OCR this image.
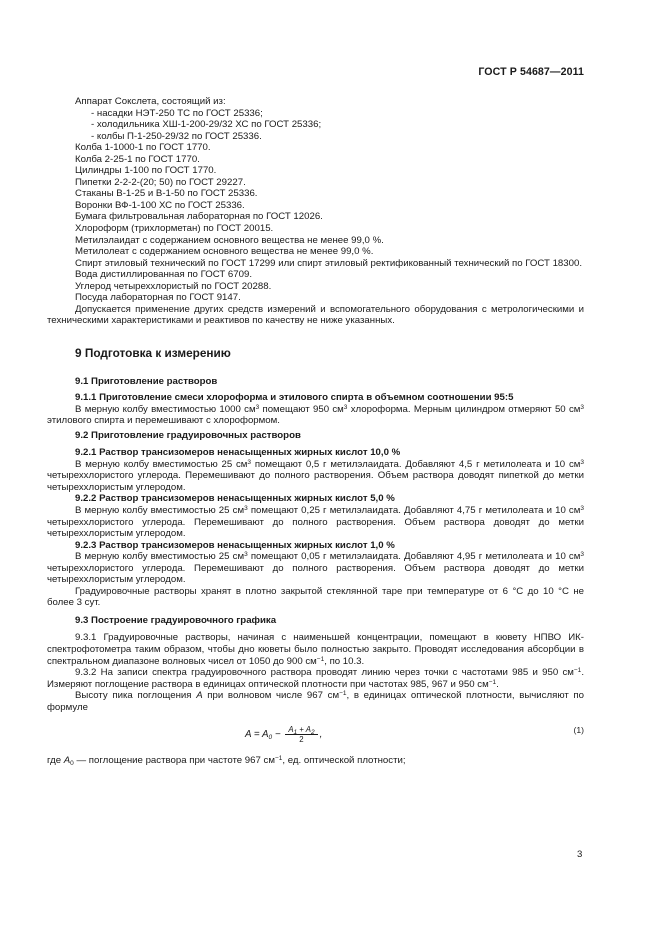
ГОСТ Р 54687—2011

Аппарат Сокслета, состоящий из:

- насадки НЭТ-250 ТС по ГОСТ 25336;

- холодильника ХШ-1-200-29/32 ХС по ГОСТ 25336;

- колбы П-1-250-29/32 по ГОСТ 25336.

Колба 1-1000-1 по ГОСТ 1770.

Колба 2-25-1 по ГОСТ 1770.

Цилиндры 1-100 по ГОСТ 1770.

Пипетки 2-2-2-(20; 50) по ГОСТ 29227.

Стаканы В-1-25 и В-1-50 по ГОСТ 25336.

Воронки ВФ-1-100 ХС по ГОСТ 25336.

Бумага фильтровальная лабораторная по ГОСТ 12026.

Хлороформ (трихлорметан) по ГОСТ 20015.

Метилэлаидат с содержанием основного вещества не менее 99,0 %.

Метилолеат с содержанием основного вещества не менее 99,0 %.

Спирт этиловый технический по ГОСТ 17299 или спирт этиловый ректификованный технический по ГОСТ 18300.

Вода дистиллированная по ГОСТ 6709.

Углерод четыреххлористый по ГОСТ 20288.

Посуда лабораторная по ГОСТ 9147.

Допускается применение других средств измерений и вспомогательного оборудования с метрологическими и техническими характеристиками и реактивов по качеству не ниже указанных.

9 Подготовка к измерению
9.1 Приготовление растворов
9.1.1 Приготовление смеси хлороформа и этилового спирта в объемном соотношении 95:5

В мерную колбу вместимостью 1000 $см^3$ помещают 950 $см^3$ хлороформа. Мерным цилиндром отмеряют 50 $см^3$ этилового спирта и перемешивают с хлороформом.

9.2 Приготовление градуировочных растворов
9.2.1 Раствор трансизомеров ненасыщенных жирных кислот 10,0 %

В мерную колбу вместимостью 25 $см^3$ помещают 0,5 г метилэлаидата. Добавляют 4,5 г метилолеата и 10 $см^3$ четыреххлористого углерода. Перемешивают до полного растворения. Объем раствора доводят пипеткой до метки четыреххлористым углеродом.

9.2.2 Раствор трансизомеров ненасыщенных жирных кислот 5,0 %

В мерную колбу вместимостью 25 $см^3$ помещают 0,25 г метилэлаидата. Добавляют 4,75 г метилолеата и 10 $см^3$ четыреххлористого углерода. Перемешивают до полного растворения. Объем раствора доводят до метки четыреххлористым углеродом.

9.2.3 Раствор трансизомеров ненасыщенных жирных кислот 1,0 %

В мерную колбу вместимостью 25 $см^3$ помещают 0,05 г метилэлаидата. Добавляют 4,95 г метилолеата и 10 $см^3$ четыреххлористого углерода. Перемешивают до полного растворения. Объем раствора доводят до метки четыреххлористым углеродом.

Градуировочные растворы хранят в плотно закрытой стеклянной таре при температуре от 6 °С до 10 °С не более 3 сут.

9.3 Построение градуировочного графика

9.3.1 Градуировочные растворы, начиная с наименьшей концентрации, помещают в кювету НПВО ИК-спектрофотометра таким образом, чтобы дно кюветы было полностью закрыто. Проводят исследования абсорбции в спектральном диапазоне волновых чисел от 1050 до 900 $см^{-1}$, по 10.3.

9.3.2 На записи спектра градуировочного раствора проводят линию через точки с частотами 985 и 950 $см^{-1}$. Измеряют поглощение раствора в единицах оптической плотности при частотах 985, 967 и 950 $см^{-1}$.

Высоту пика поглощения A при волновом числе 967 $см^{-1}$, в единицах оптической плотности, вычисляют по формуле

$A = A_0 - \frac{A_1 + A_2}{2}$ ,	(1)

где $A_0$ — поглощение раствора при частоте 967 $см^{-1}$, ед. оптической плотности;

3
